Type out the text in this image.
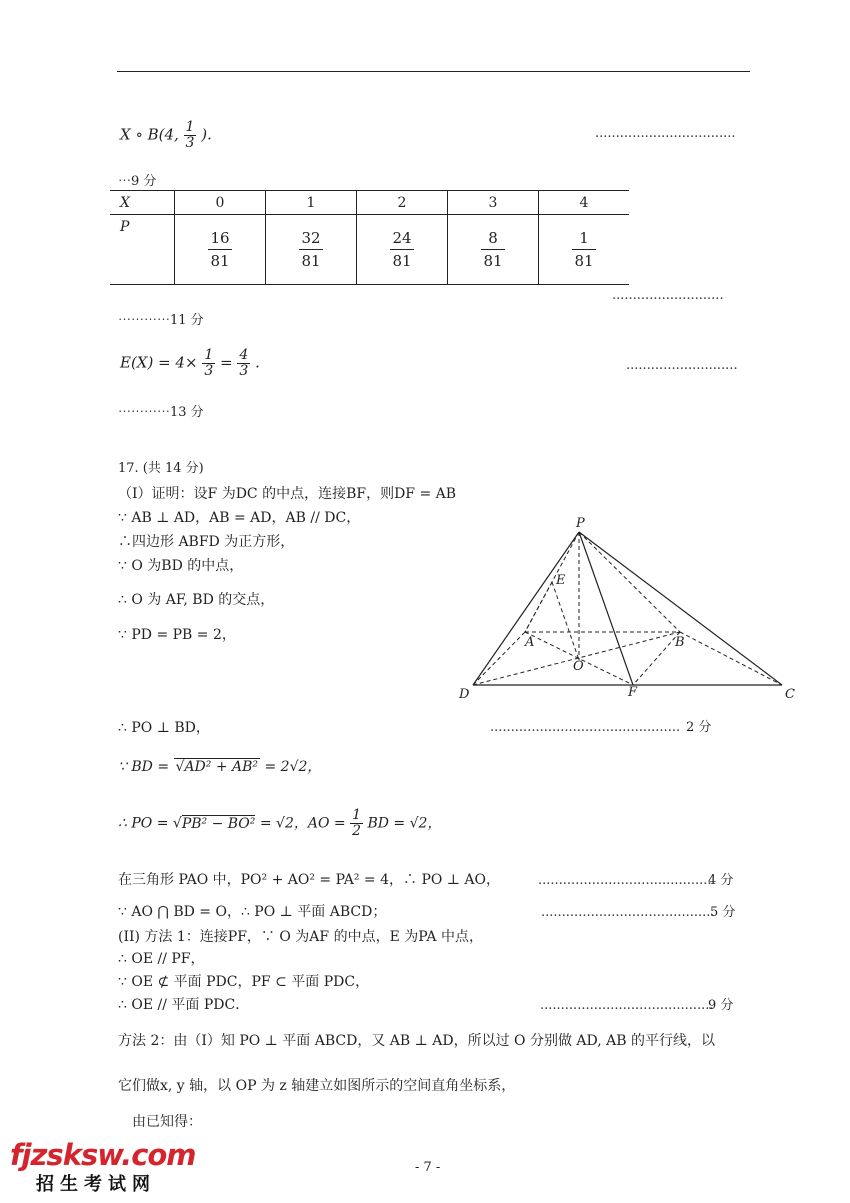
X ∘ B(4, $\frac{1}{3}$ ).	..................................
⋯9 分
X	0	1	2	3	4
P	$\frac{16}{81}$	$\frac{32}{81}$	$\frac{24}{81}$	$\frac{8}{81}$	$\frac{1}{81}$
...........................
⋯⋯⋯⋯11 分
$E(X) = 4\times \frac{1}{3} = \frac{4}{3}$ .	...........................
⋯⋯⋯⋯13 分
17. (共 14 分)
（Ⅰ）证明：设F 为DC 的中点，连接BF，则DF = AB
∵ AB ⊥ AD，AB = AD，AB // DC，
∴四边形 ABFD 为正方形，
∵ O 为BD 的中点，
∴ O 为 AF, BD 的交点，
∵ PD = PB = 2，
P
E
A	B
O
D	F	C
∴ PO ⊥ BD，	.............................................. 2 分
∵ BD = √AD² + AB² = 2√2，
∴ PO = √PB² − BO² = √2，AO = $\frac{1}{2}$ BD = √2，
在三角形 PAO 中，PO² + AO² = PA² = 4，∴ PO ⊥ AO，	..........................................
4 分
∵ AO ⋂ BD = O，∴ PO ⊥ 平面 ABCD；	..........................................
5 分
(II) 方法 1：连接PF，∵ O 为AF 的中点，E 为PA 中点，
∴ OE // PF，
∵ OE ⊄ 平面 PDC，PF ⊂ 平面 PDC，
∴ OE // 平面 PDC．	..........................................
9 分
方法 2：由（Ⅰ）知 PO ⊥ 平面 ABCD，又 AB ⊥ AD，所以过 O 分别做 AD, AB 的平行线，以
它们做x, y 轴，以 OP 为 z 轴建立如图所示的空间直角坐标系，
由已知得：
fjzsksw.com
招生考试网
- 7 -
